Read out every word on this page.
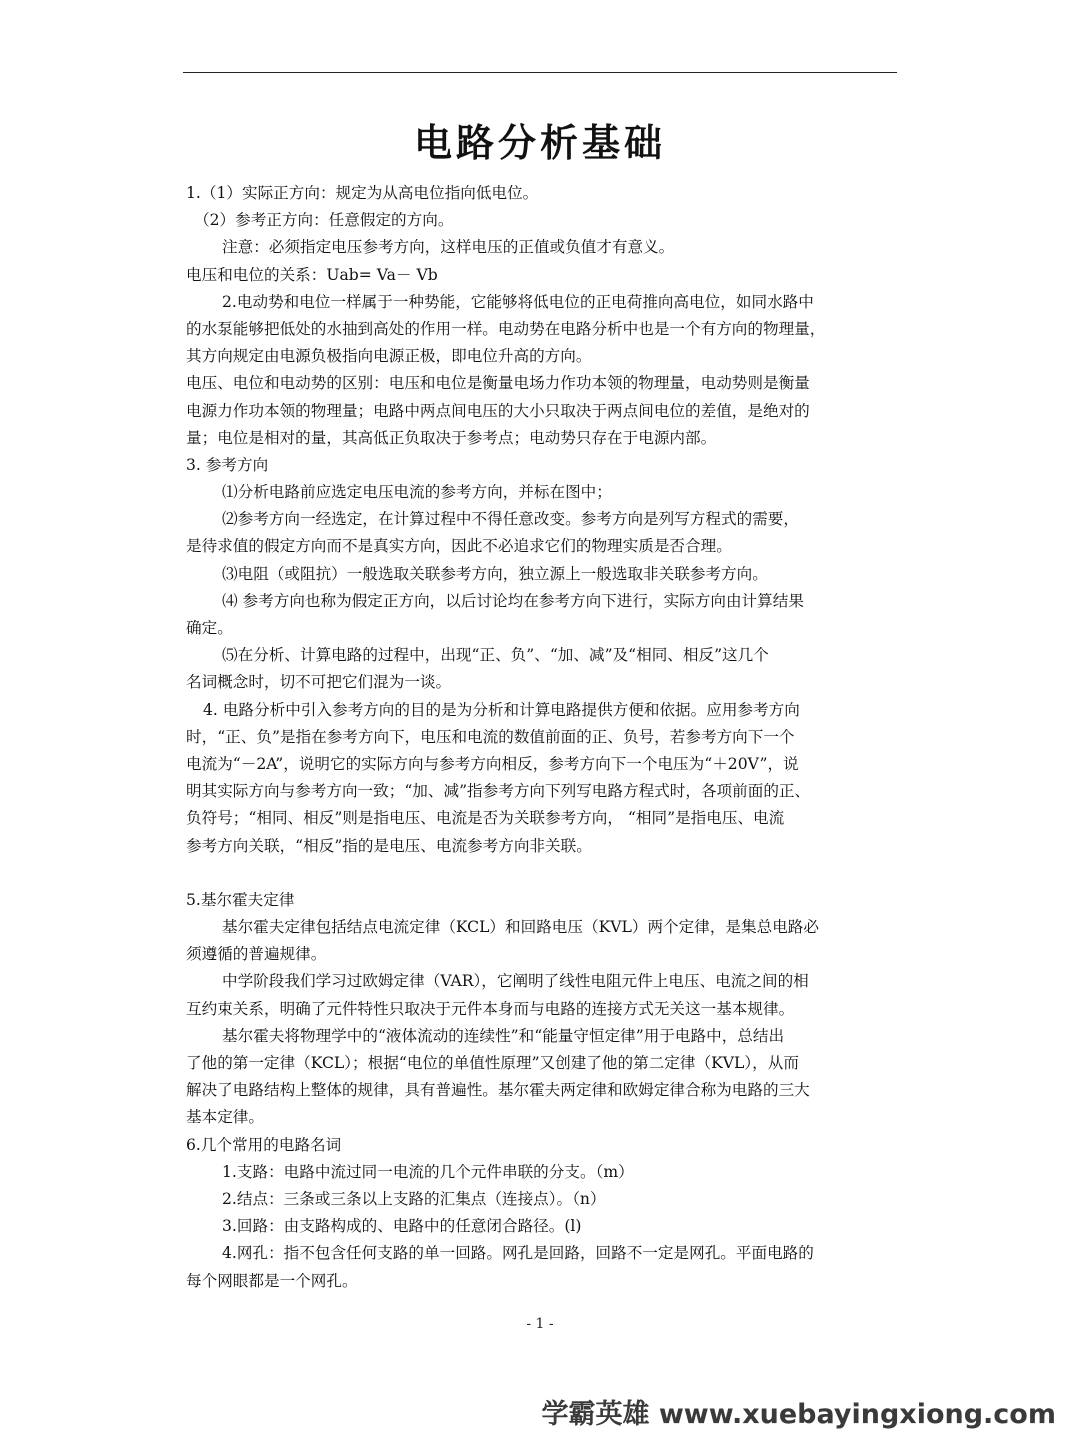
电路分析基础
1.（1）实际正方向：规定为从高电位指向低电位。
（2）参考正方向：任意假定的方向。
注意：必须指定电压参考方向，这样电压的正值或负值才有意义。
电压和电位的关系：Uab= Va－ Vb
2.电动势和电位一样属于一种势能，它能够将低电位的正电荷推向高电位，如同水路中
的水泵能够把低处的水抽到高处的作用一样。电动势在电路分析中也是一个有方向的物理量，
其方向规定由电源负极指向电源正极，即电位升高的方向。
电压、电位和电动势的区别：电压和电位是衡量电场力作功本领的物理量，电动势则是衡量
电源力作功本领的物理量；电路中两点间电压的大小只取决于两点间电位的差值，是绝对的
量；电位是相对的量，其高低正负取决于参考点；电动势只存在于电源内部。
3. 参考方向
⑴分析电路前应选定电压电流的参考方向，并标在图中；
⑵参考方向一经选定，在计算过程中不得任意改变。参考方向是列写方程式的需要，
是待求值的假定方向而不是真实方向，因此不必追求它们的物理实质是否合理。
⑶电阻（或阻抗）一般选取关联参考方向，独立源上一般选取非关联参考方向。
⑷ 参考方向也称为假定正方向，以后讨论均在参考方向下进行，实际方向由计算结果
确定。
⑸在分析、计算电路的过程中，出现“正、负”、“加、减”及“相同、相反”这几个
名词概念时，切不可把它们混为一谈。
4. 电路分析中引入参考方向的目的是为分析和计算电路提供方便和依据。应用参考方向
时，“正、负”是指在参考方向下，电压和电流的数值前面的正、负号，若参考方向下一个
电流为“－2A”，说明它的实际方向与参考方向相反，参考方向下一个电压为“＋20V”，说
明其实际方向与参考方向一致；“加、减”指参考方向下列写电路方程式时，各项前面的正、
负符号；“相同、相反”则是指电压、电流是否为关联参考方向， “相同”是指电压、电流
参考方向关联，“相反”指的是电压、电流参考方向非关联。
5.基尔霍夫定律
基尔霍夫定律包括结点电流定律（KCL）和回路电压（KVL）两个定律，是集总电路必
须遵循的普遍规律。
中学阶段我们学习过欧姆定律（VAR），它阐明了线性电阻元件上电压、电流之间的相
互约束关系，明确了元件特性只取决于元件本身而与电路的连接方式无关这一基本规律。
基尔霍夫将物理学中的“液体流动的连续性”和“能量守恒定律”用于电路中，总结出
了他的第一定律（KCL）；根据“电位的单值性原理”又创建了他的第二定律（KVL），从而
解决了电路结构上整体的规律，具有普遍性。基尔霍夫两定律和欧姆定律合称为电路的三大
基本定律。
6.几个常用的电路名词
1.支路：电路中流过同一电流的几个元件串联的分支。（m）
2.结点：三条或三条以上支路的汇集点（连接点）。（n）
3.回路：由支路构成的、电路中的任意闭合路径。(l)
4.网孔：指不包含任何支路的单一回路。网孔是回路，回路不一定是网孔。平面电路的
每个网眼都是一个网孔。
- 1 -
学霸英雄 www.xuebayingxiong.com
